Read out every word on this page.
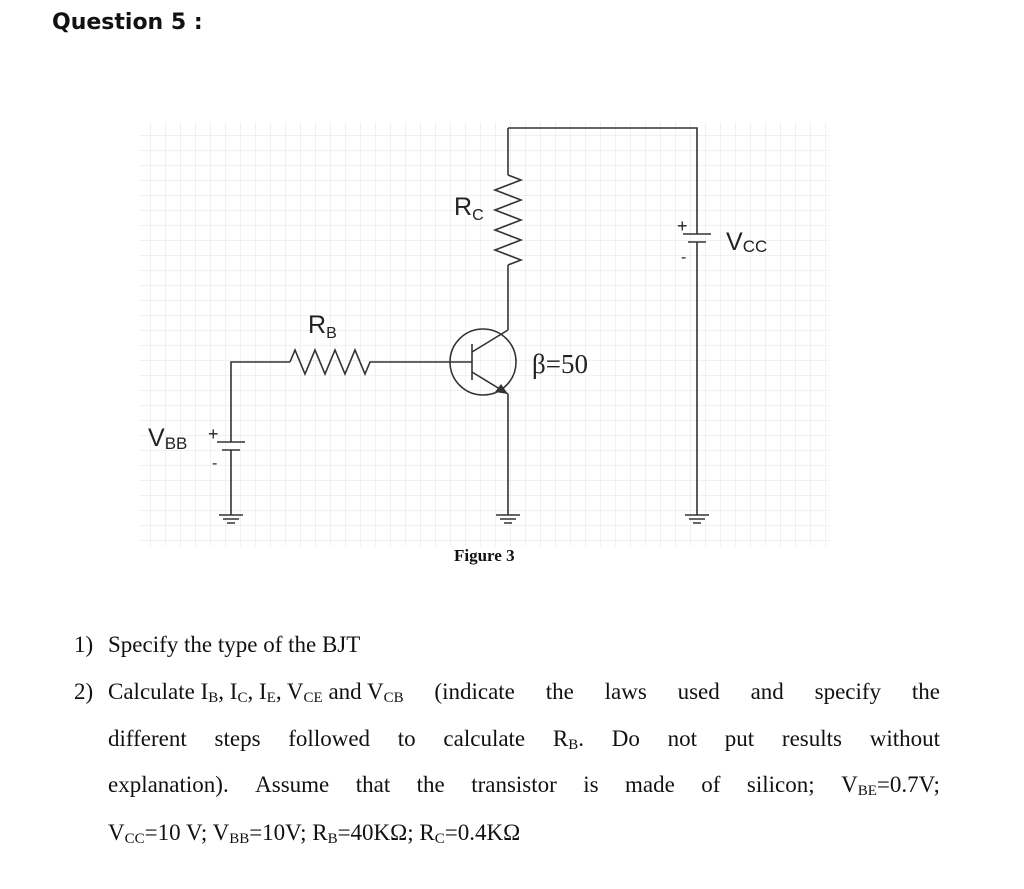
Question 5 :
$R_C$
$R_B$
VCC
VBB
+
-
+
-
β=50
Figure 3
1) Specify the type of the BJT
2) Calculate $I_B$, $I_C$, $I_E$, $V_{CE}$ and $V_{CB}$ (indicate the laws used and specify the
different steps followed to calculate $R_B$. Do not put results without
explanation). Assume that the transistor is made of silicon; $V_{BE}=0.7V$;
$V_{CC}=10$ V; $V_{BB}=10V$; $R_B=40K\Omega$; $R_C=0.4K\Omega$
